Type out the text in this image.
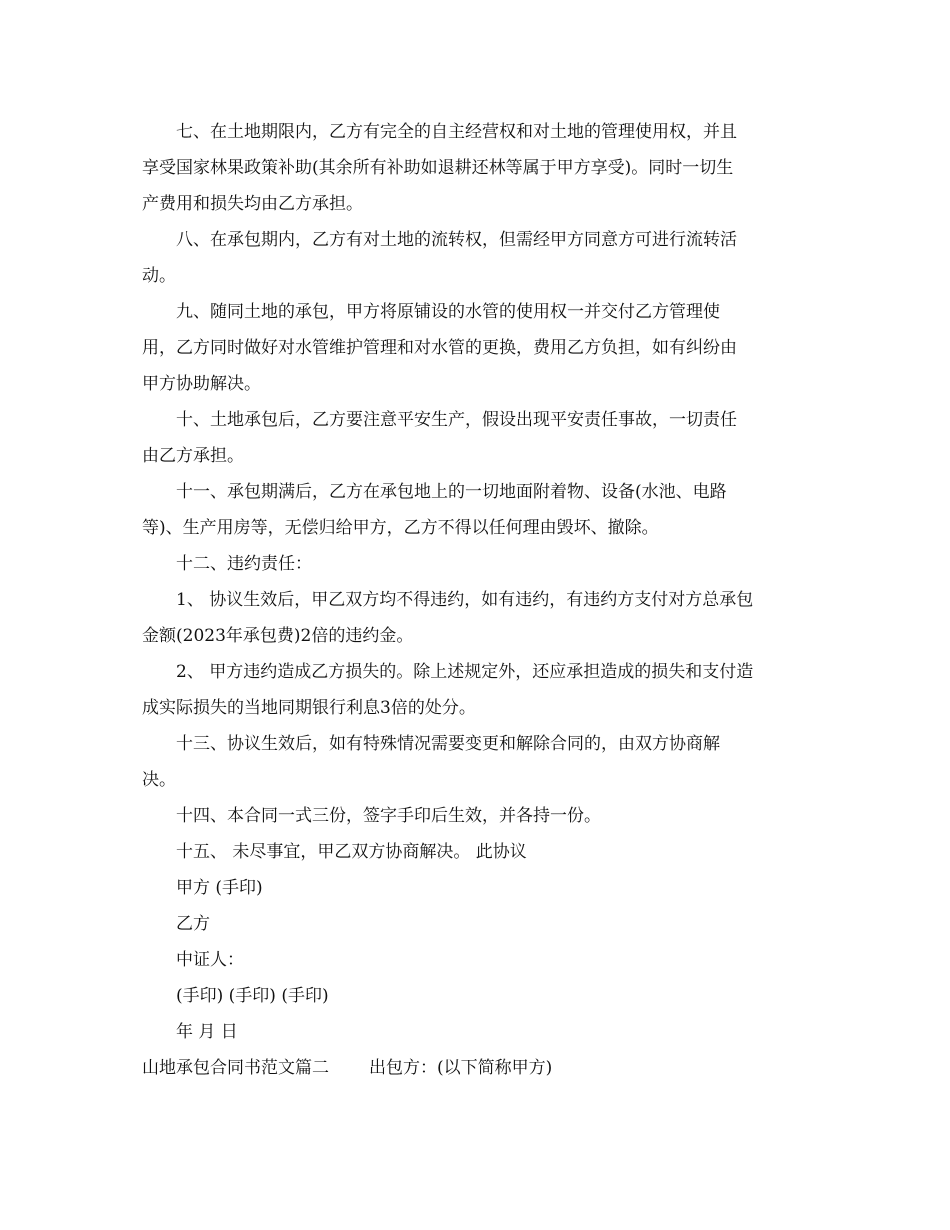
七、在土地期限内，乙方有完全的自主经营权和对土地的管理使用权，并且
享受国家林果政策补助(其余所有补助如退耕还林等属于甲方享受)。同时一切生
产费用和损失均由乙方承担。

八、在承包期内，乙方有对土地的流转权，但需经甲方同意方可进行流转活
动。

九、随同土地的承包，甲方将原铺设的水管的使用权一并交付乙方管理使
用，乙方同时做好对水管维护管理和对水管的更换，费用乙方负担，如有纠纷由
甲方协助解决。

十、土地承包后，乙方要注意平安生产，假设出现平安责任事故，一切责任
由乙方承担。

十一、承包期满后，乙方在承包地上的一切地面附着物、设备(水池、电路
等)、生产用房等，无偿归给甲方，乙方不得以任何理由毁坏、撤除。

十二、违约责任：

1、 协议生效后，甲乙双方均不得违约，如有违约，有违约方支付对方总承包
金额(2023年承包费)2倍的违约金。

2、 甲方违约造成乙方损失的。除上述规定外，还应承担造成的损失和支付造
成实际损失的当地同期银行利息3倍的处分。

十三、协议生效后，如有特殊情况需要变更和解除合同的，由双方协商解
决。

十四、本合同一式三份，签字手印后生效，并各持一份。

十五、 未尽事宜，甲乙双方协商解决。 此协议

甲方 (手印)

乙方

中证人：

(手印) (手印) (手印)

年 月 日

山地承包合同书范文篇二 出包方：(以下简称甲方)
